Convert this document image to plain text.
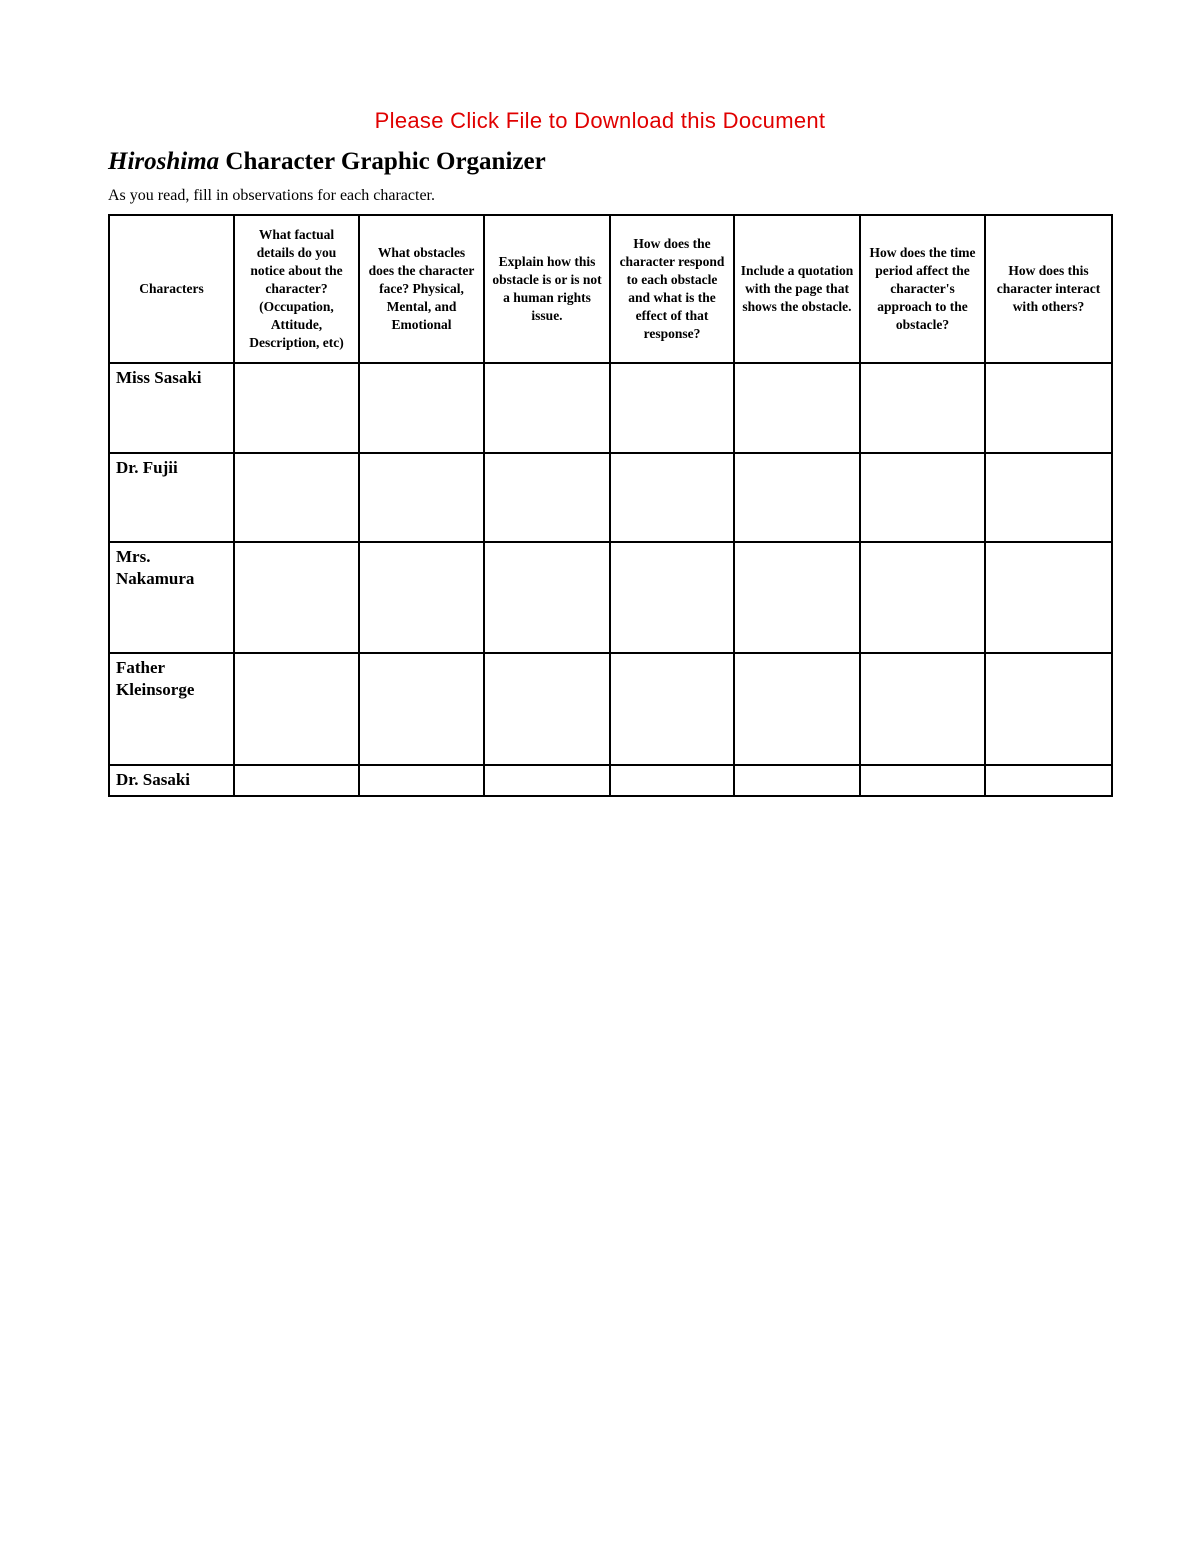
Please Click File to Download this Document
Hiroshima Character Graphic Organizer
As you read, fill in observations for each character.
Characters	What factual details do you notice about the character? (Occupation, Attitude, Description, etc)	What obstacles does the character face? Physical, Mental, and Emotional	Explain how this obstacle is or is not a human rights issue.	How does the character respond to each obstacle and what is the effect of that response?	Include a quotation with the page that shows the obstacle.	How does the time period affect the character's approach to the obstacle?	How does this character interact with others?
Miss Sasaki							
Dr. Fujii							
Mrs. Nakamura							
Father Kleinsorge							
Dr. Sasaki							
